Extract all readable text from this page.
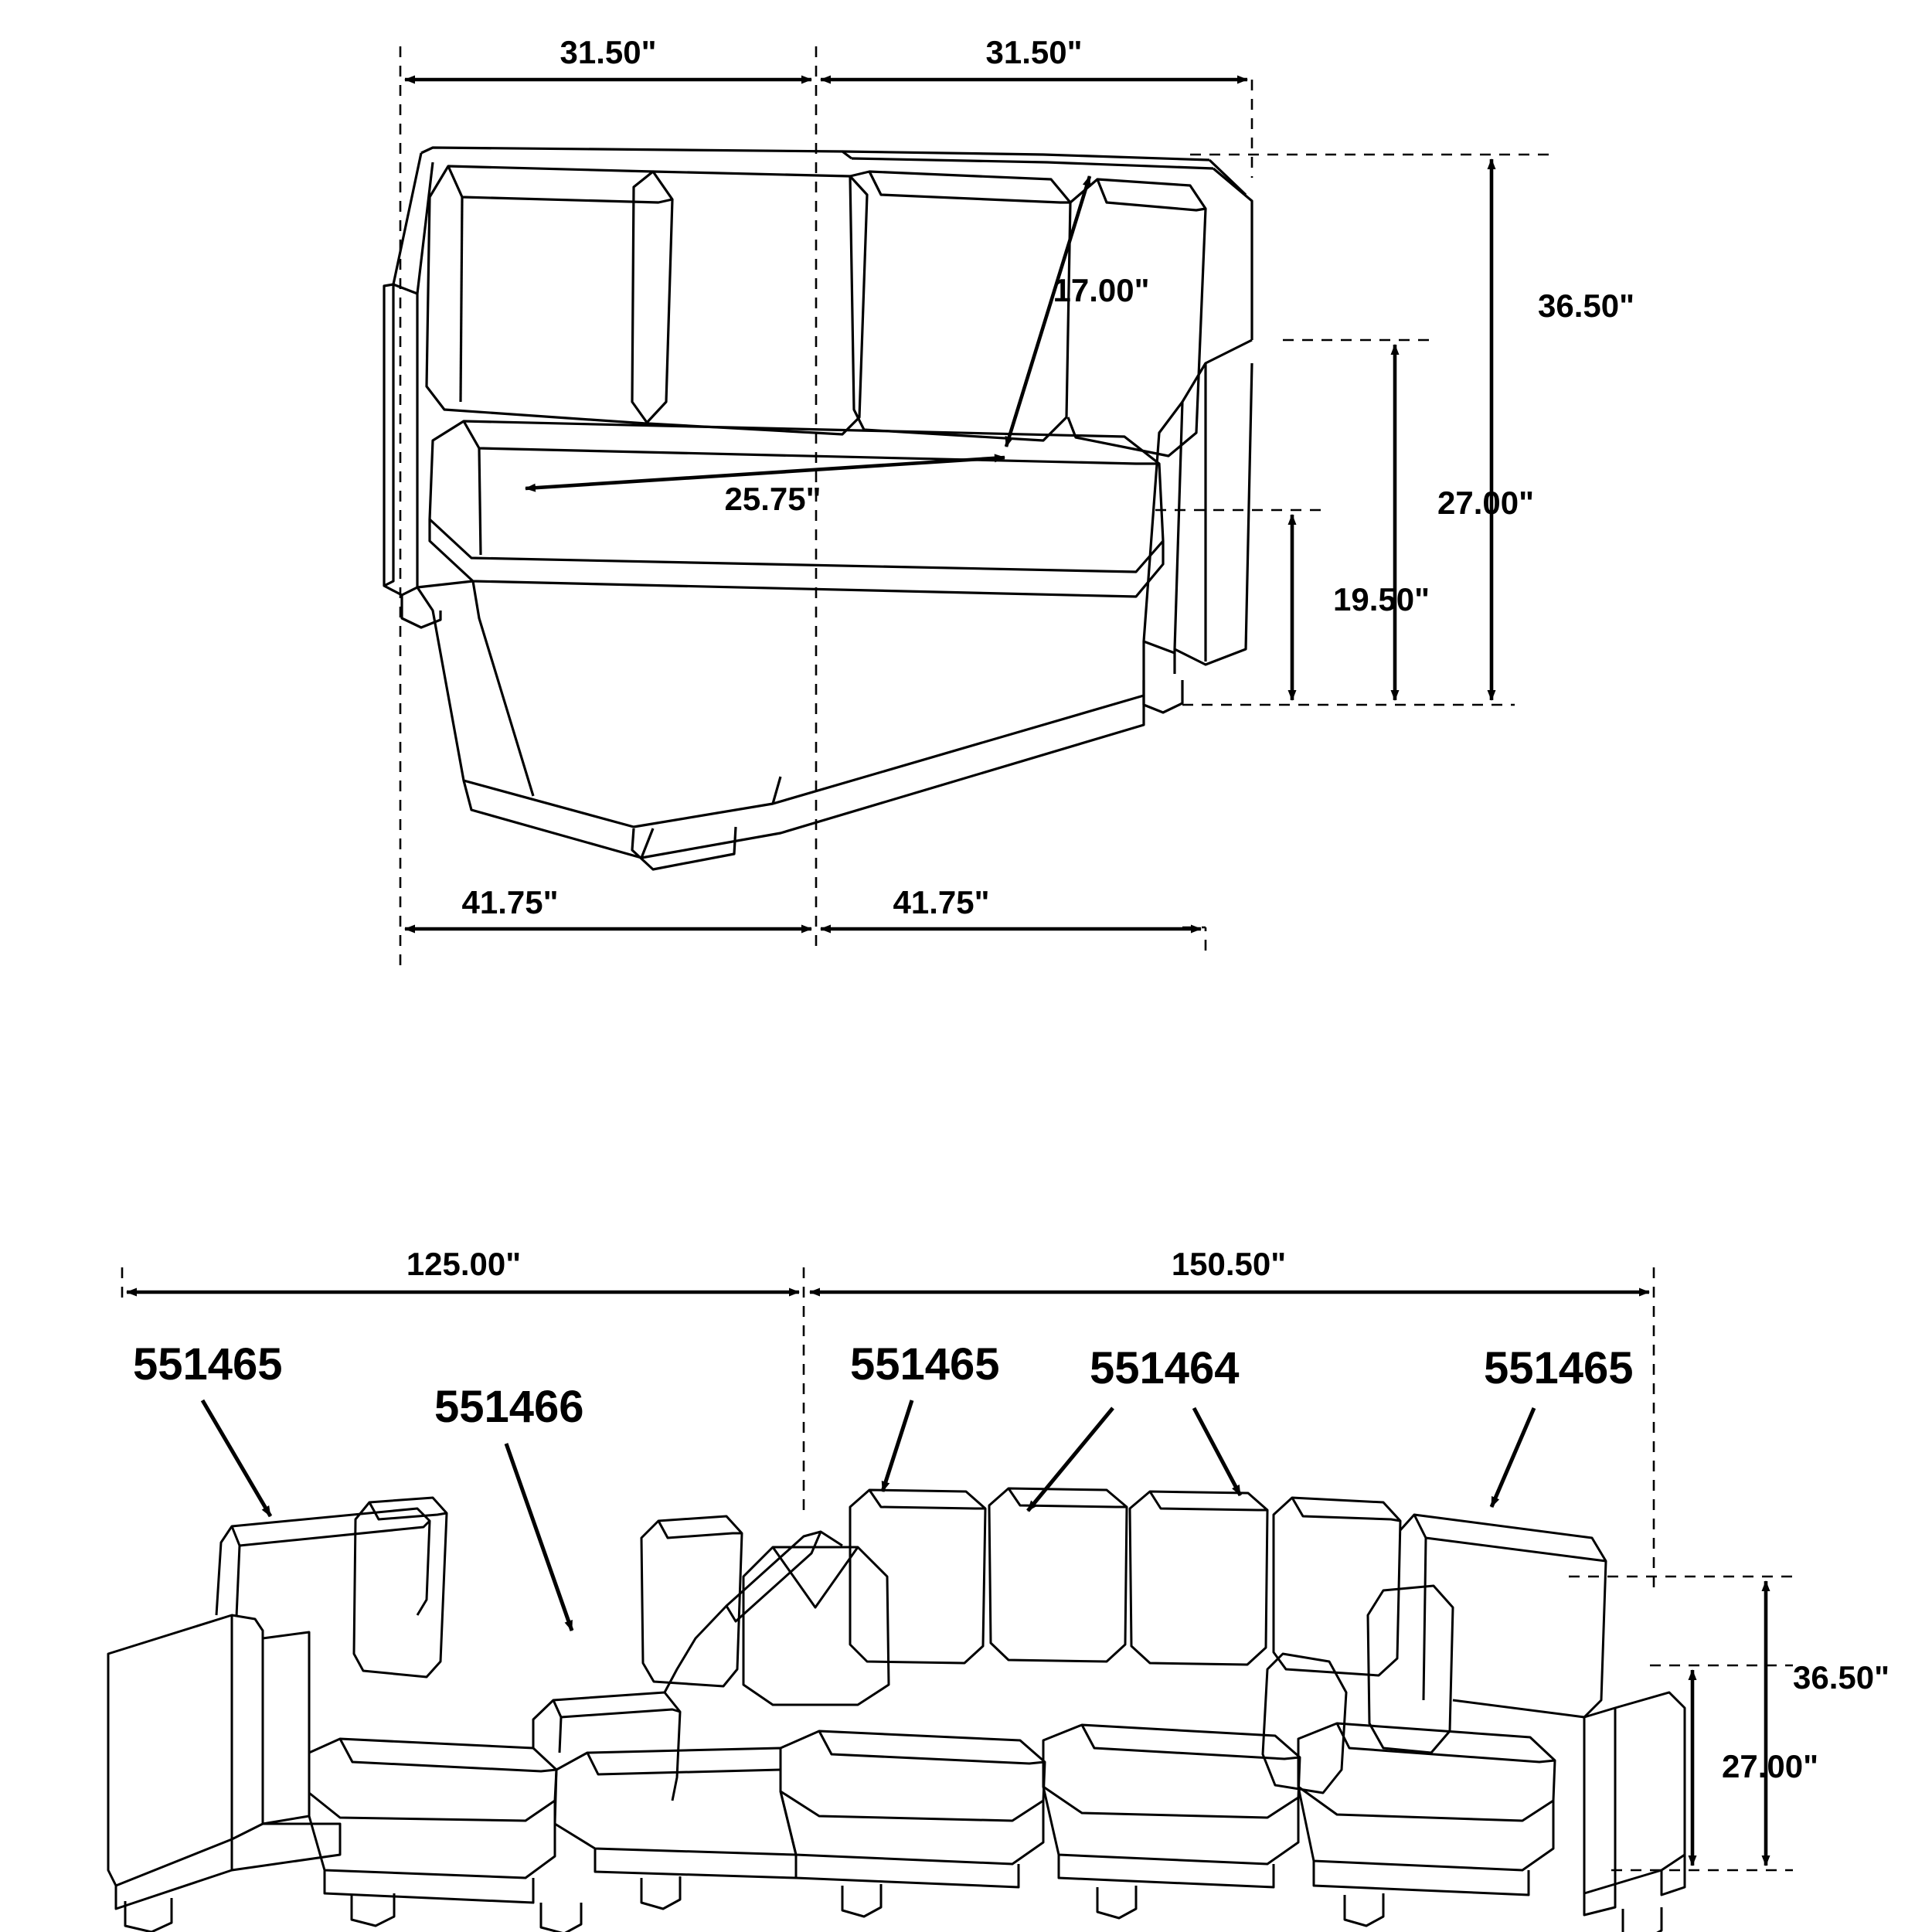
31.50"	31.50"
17.00"
25.75"
36.50"
27.00"
19.50"
41.75"	41.75"
125.00"	150.50"
36.50"
27.00"
551465
551466
551465 551464	551465
